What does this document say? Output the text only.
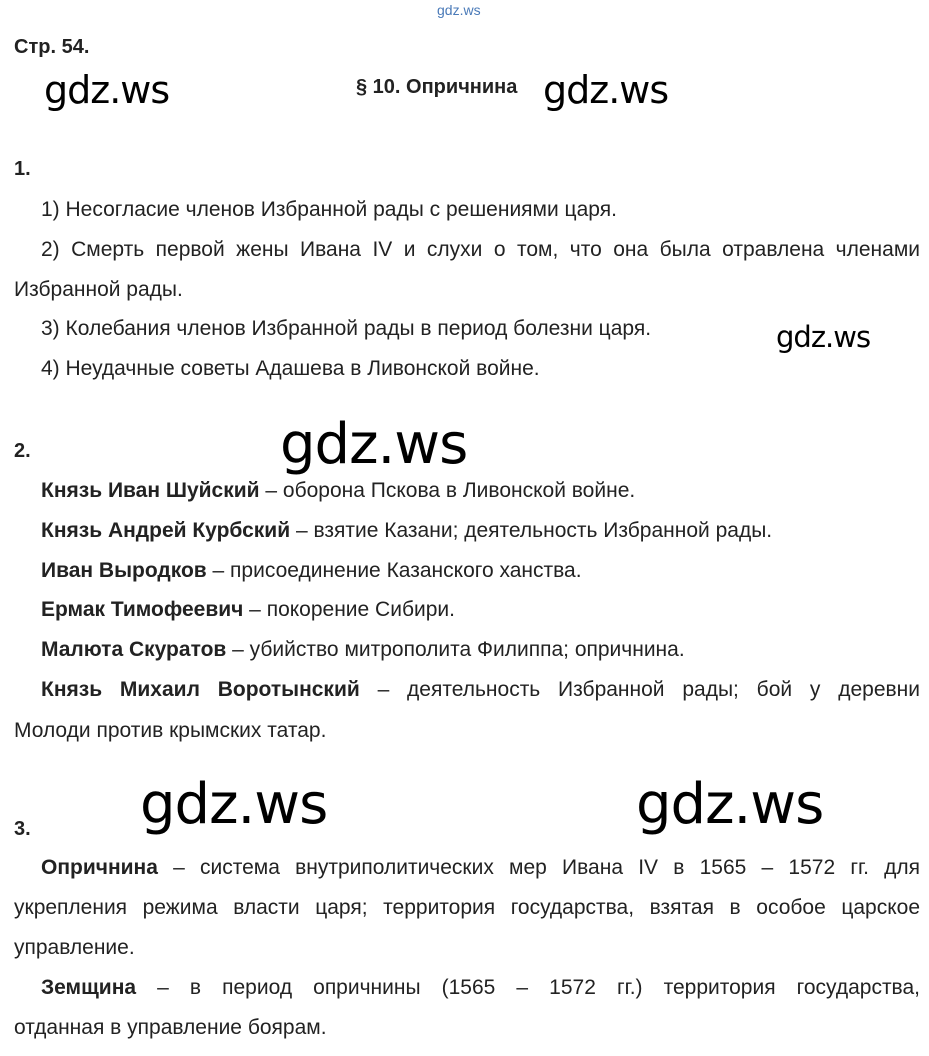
gdz.ws
Стр. 54.
§ 10. Опричнина
gdz.ws	gdz.ws
gdz.ws
gdz.ws
gdz.ws	gdz.ws
1.
1) Несогласие членов Избранной рады с решениями царя.
2) Смерть первой жены Ивана IV и слухи о том, что она была отравлена членами
Избранной рады.
3) Колебания членов Избранной рады в период болезни царя.
4) Неудачные советы Адашева в Ливонской войне.
2.
Князь Иван Шуйский – оборона Пскова в Ливонской войне.
Князь Андрей Курбский – взятие Казани; деятельность Избранной рады.
Иван Выродков – присоединение Казанского ханства.
Ермак Тимофеевич – покорение Сибири.
Малюта Скуратов – убийство митрополита Филиппа; опричнина.
Князь Михаил Воротынский – деятельность Избранной рады; бой у деревни
Молоди против крымских татар.
3.
Опричнина – система внутриполитических мер Ивана IV в 1565 – 1572 гг. для
укрепления режима власти царя; территория государства, взятая в особое царское
управление.
Земщина – в период опричнины (1565 – 1572 гг.) территория государства,
отданная в управление боярам.
